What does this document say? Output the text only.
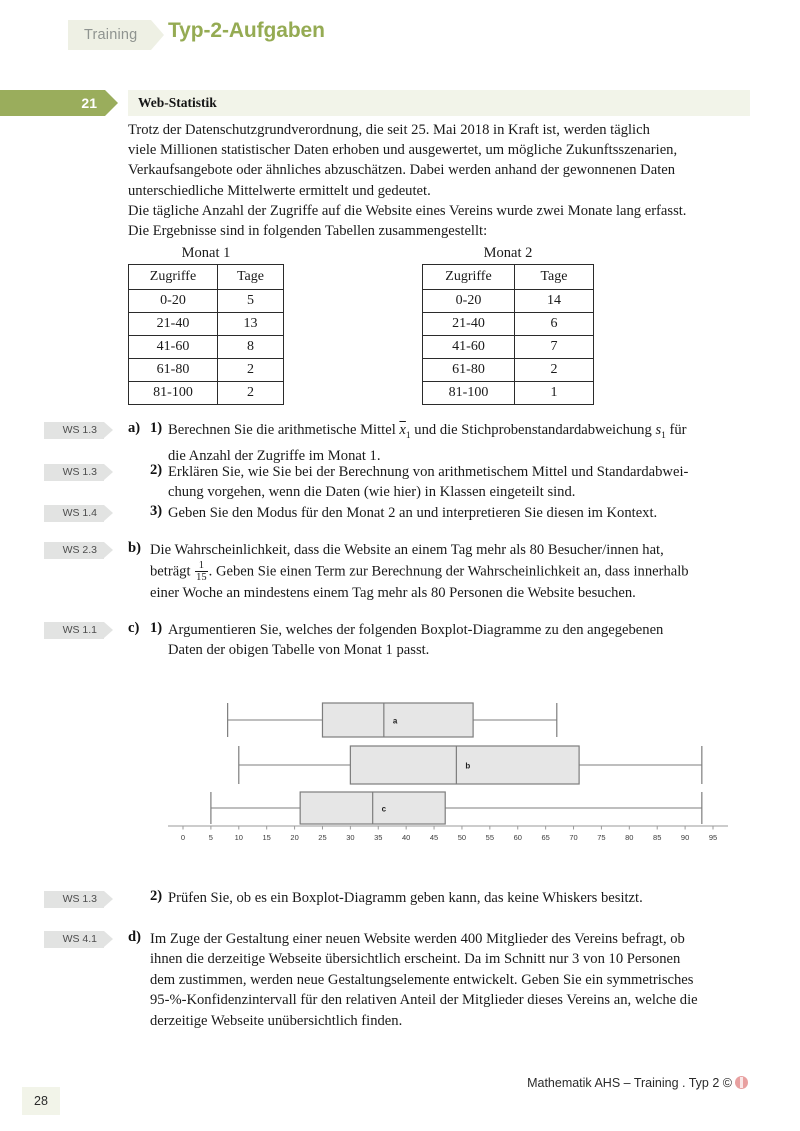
Training	Typ-2-Aufgaben
21	Web-Statistik

Trotz der Datenschutzgrundverordnung, die seit 25. Mai 2018 in Kraft ist, werden täglich

viele Millionen statistischer Daten erhoben und ausgewertet, um mögliche Zukunftsszenarien,

Verkaufsangebote oder ähnliches abzuschätzen. Dabei werden anhand der gewonnenen Daten

unterschiedliche Mittelwerte ermittelt und gedeutet.

Die tägliche Anzahl der Zugriffe auf die Website eines Vereins wurde zwei Monate lang erfasst.

Die Ergebnisse sind in folgenden Tabellen zusammengestellt:

Monat 1
Zugriffe	Tage
0-20	5
21-40	13
41-60	8
61-80	2
81-100	2
Monat 2
Zugriffe	Tage
0-20	14
21-40	6
41-60	7
61-80	2
81-100	1
WS 1.3	a) 1) Berechnen Sie die arithmetische Mittel $\overline{x}_1$ und die Stichprobenstandardabweichung $s_1$ für
die Anzahl der Zugriffe im Monat 1.
WS 1.3	2) Erklären Sie, wie Sie bei der Berechnung von arithmetischem Mittel und Standardabwei-
chung vorgehen, wenn die Daten (wie hier) in Klassen eingeteilt sind.
WS 1.4	3) Geben Sie den Modus für den Monat 2 an und interpretieren Sie diesen im Kontext.
WS 2.3	b) Die Wahrscheinlichkeit, dass die Website an einem Tag mehr als 80 Besucher/innen hat,
beträgt $\frac{1}{15}$ . Geben Sie einen Term zur Berechnung der Wahrscheinlichkeit an, dass innerhalb
einer Woche an mindestens einem Tag mehr als 80 Personen die Website besuchen.
WS 1.1	c) 1) Argumentieren Sie, welches der folgenden Boxplot-Diagramme zu den angegebenen
Daten der obigen Tabelle von Monat 1 passt.
a
b
c
0	5	10	15	20	25	30	35	40	45	50	55	60	65	70	75	80	85	90	95
WS 1.3	2) Prüfen Sie, ob es ein Boxplot-Diagramm geben kann, das keine Whiskers besitzt.
WS 4.1	d) Im Zuge der Gestaltung einer neuen Website werden 400 Mitglieder des Vereins befragt, ob
ihnen die derzeitige Webseite übersichtlich erscheint. Da im Schnitt nur 3 von 10 Personen
dem zustimmen, werden neue Gestaltungselemente entwickelt. Geben Sie ein symmetrisches
95-%-Konfidenzintervall für den relativen Anteil der Mitglieder dieses Vereins an, welche die
derzeitige Webseite unübersichtlich finden.
Mathematik AHS – Training . Typ 2 ©
28
